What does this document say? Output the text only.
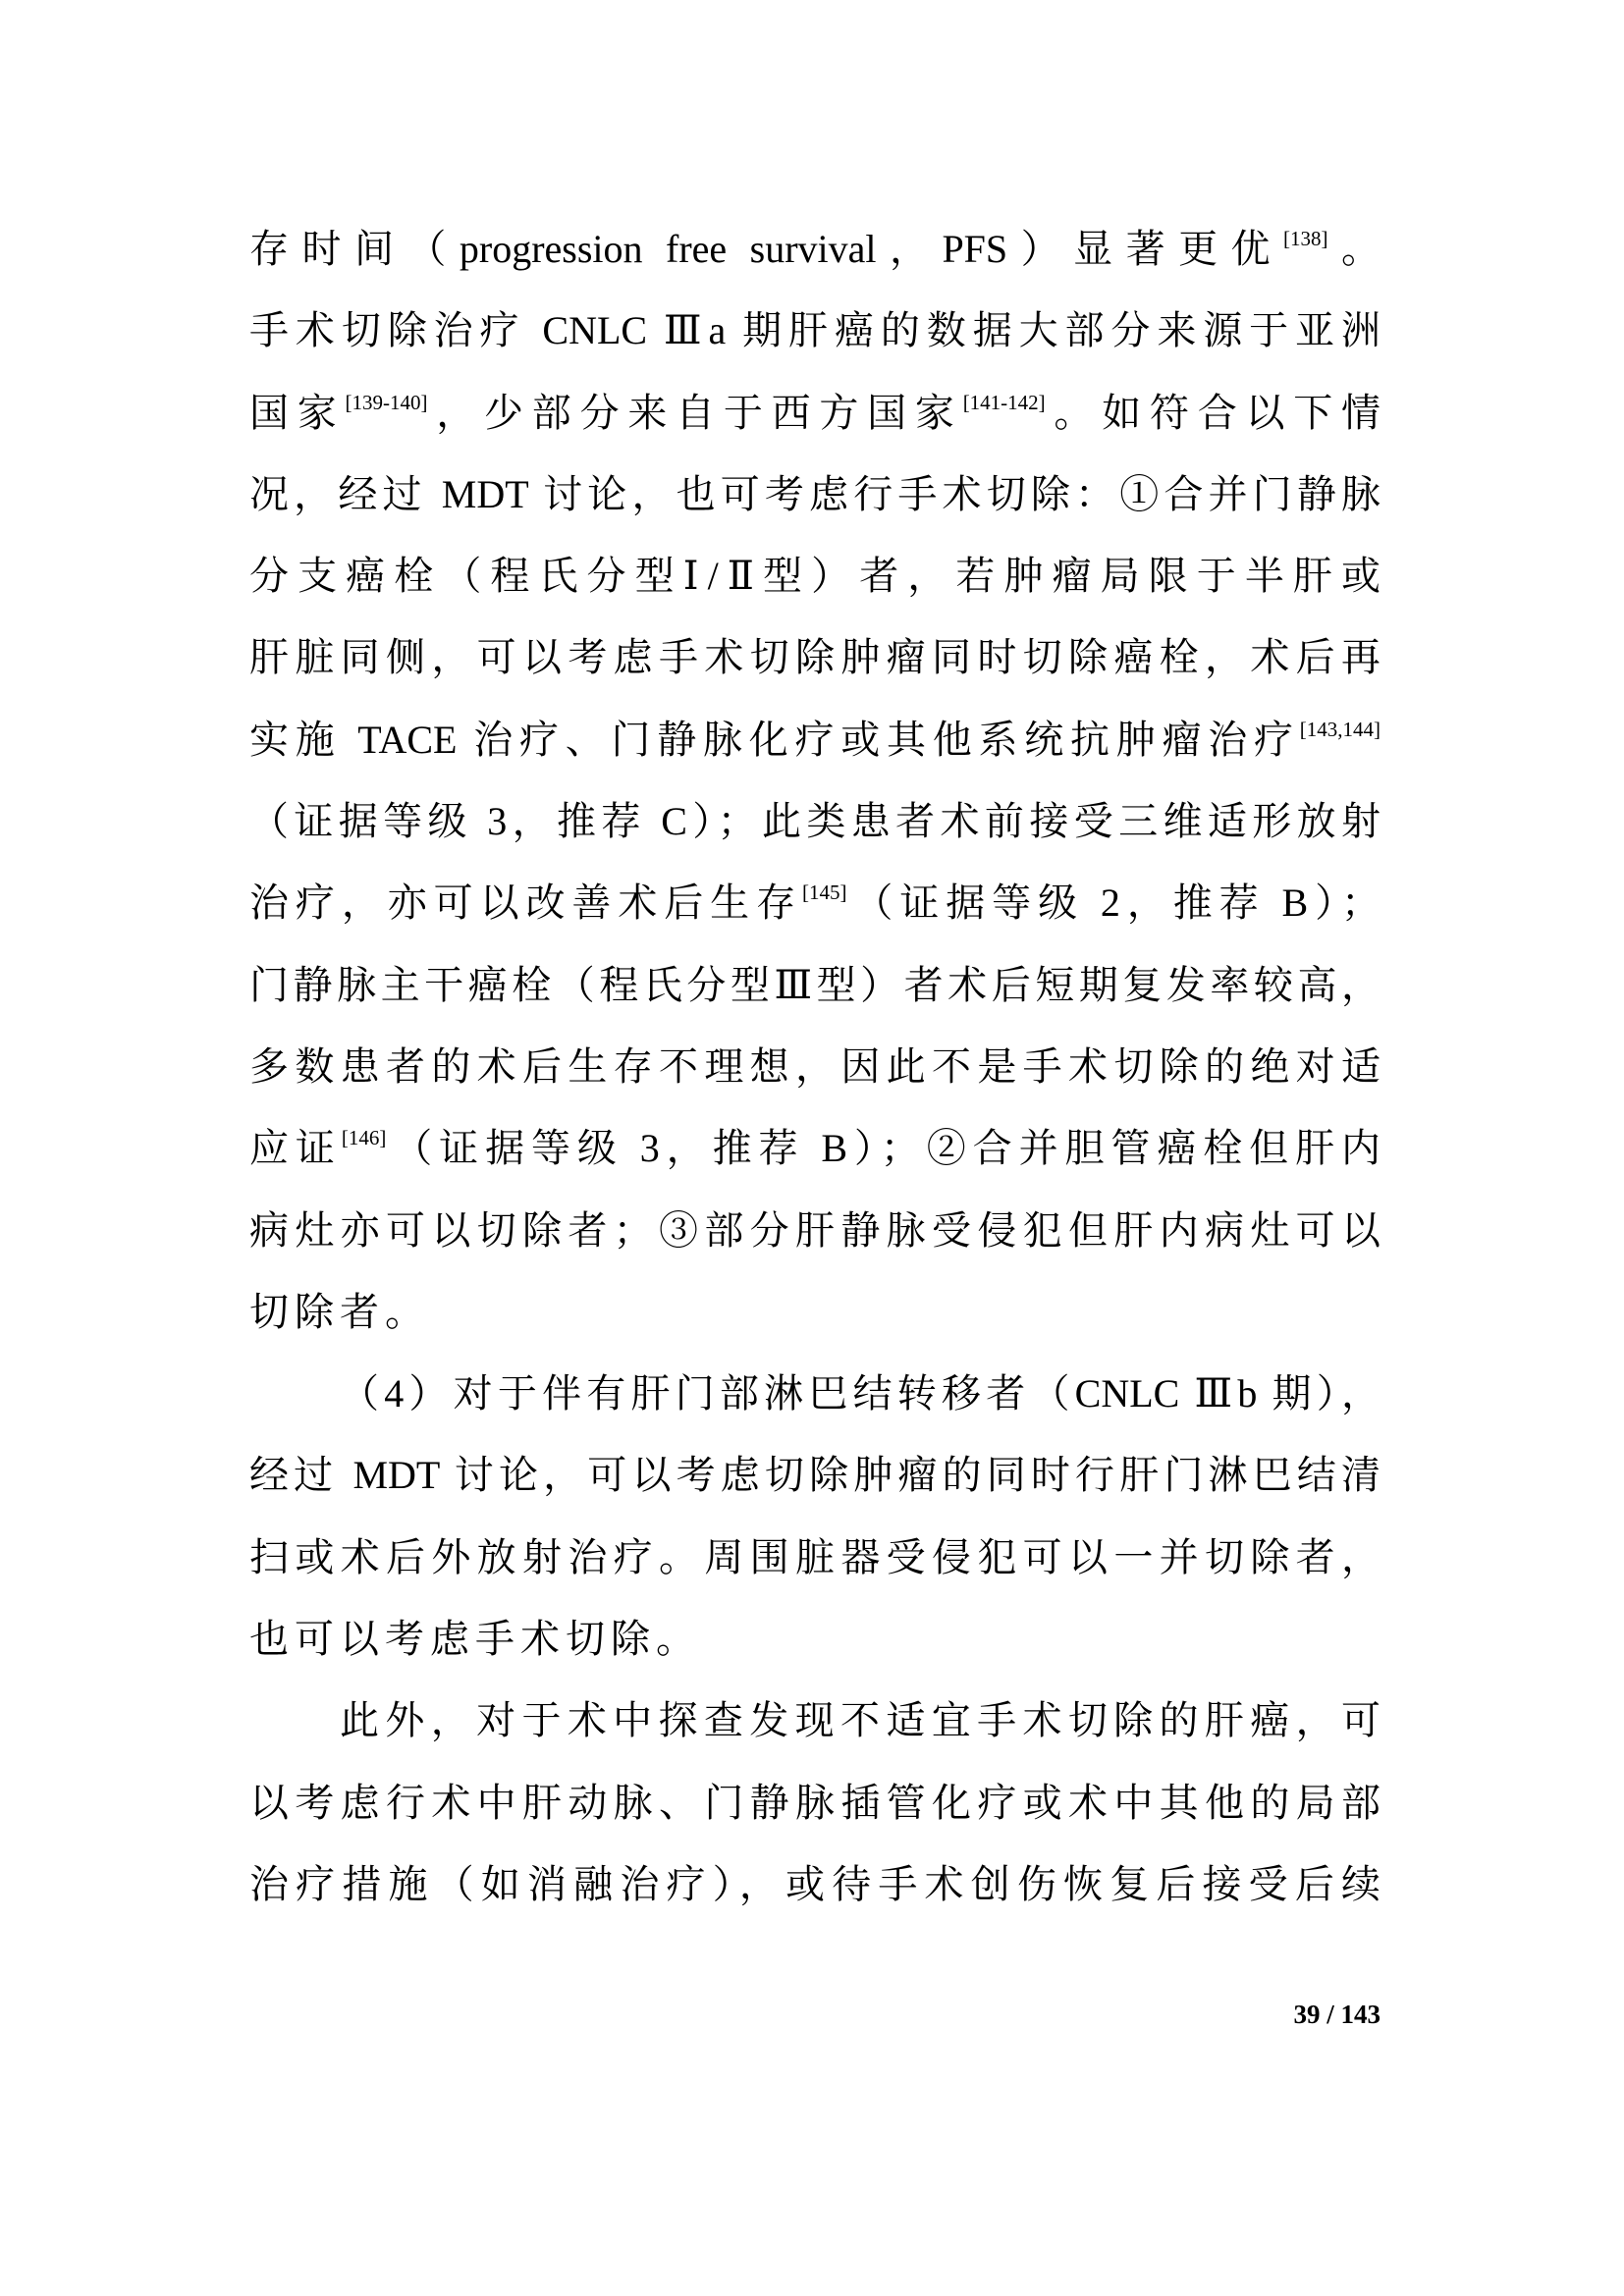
存时间（progression free survival，PFS）显著更优[138]。
手术切除治疗 CNLC Ⅲa 期肝癌的数据大部分来源于亚洲
国家[139-140]，少部分来自于西方国家[141-142]。如符合以下情
况，经过 MDT 讨论，也可考虑行手术切除：①合并门静脉
分支癌栓（程氏分型Ⅰ/Ⅱ型）者，若肿瘤局限于半肝或
肝脏同侧，可以考虑手术切除肿瘤同时切除癌栓，术后再
实施 TACE 治疗、门静脉化疗或其他系统抗肿瘤治疗[143,144]
（证据等级 3，推荐 C）；此类患者术前接受三维适形放射
治疗，亦可以改善术后生存[145]（证据等级 2，推荐 B）；
门静脉主干癌栓（程氏分型Ⅲ型）者术后短期复发率较高，
多数患者的术后生存不理想，因此不是手术切除的绝对适
应证[146]（证据等级 3，推荐 B）；②合并胆管癌栓但肝内
病灶亦可以切除者；③部分肝静脉受侵犯但肝内病灶可以
切除者。
（4）对于伴有肝门部淋巴结转移者（CNLC Ⅲb 期），
经过 MDT 讨论，可以考虑切除肿瘤的同时行肝门淋巴结清
扫或术后外放射治疗。周围脏器受侵犯可以一并切除者，
也可以考虑手术切除。
此外，对于术中探查发现不适宜手术切除的肝癌，可
以考虑行术中肝动脉、门静脉插管化疗或术中其他的局部
治疗措施（如消融治疗），或待手术创伤恢复后接受后续
39 / 143
